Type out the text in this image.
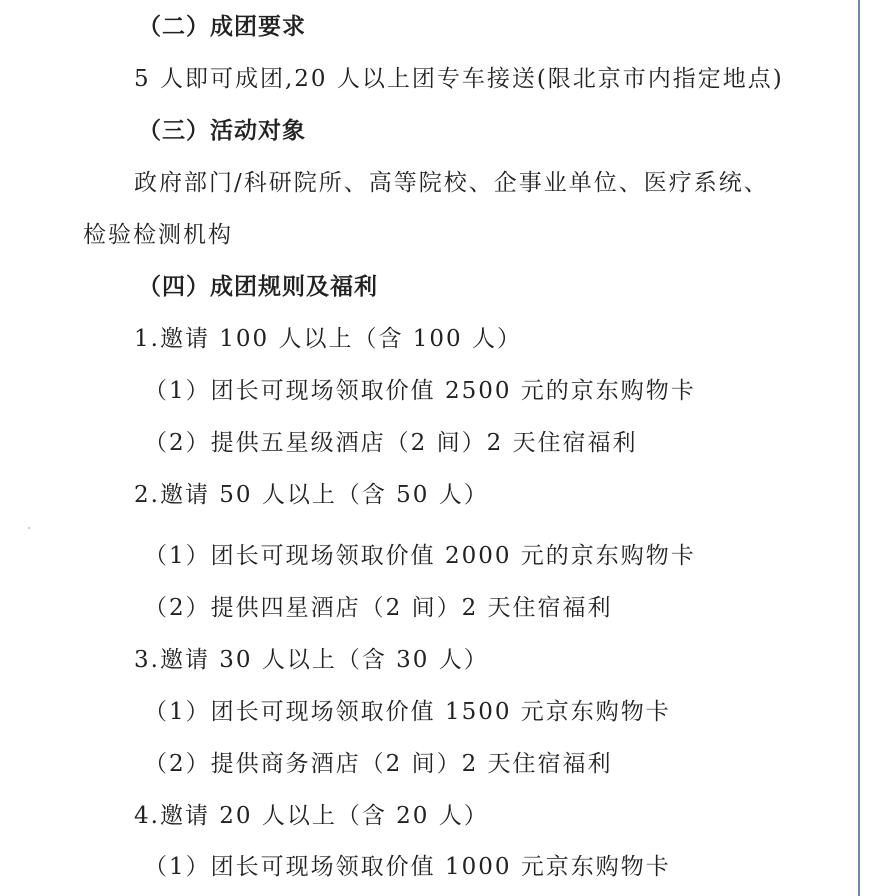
（二）成团要求
5 人即可成团,20 人以上团专车接送(限北京市内指定地点)
（三）活动对象
政府部门/科研院所、高等院校、企事业单位、医疗系统、
检验检测机构
（四）成团规则及福利
1.邀请 100 人以上（含 100 人）
（1）团长可现场领取价值 2500 元的京东购物卡
（2）提供五星级酒店（2 间）2 天住宿福利
2.邀请 50 人以上（含 50 人）
（1）团长可现场领取价值 2000 元的京东购物卡
（2）提供四星酒店（2 间）2 天住宿福利
3.邀请 30 人以上（含 30 人）
（1）团长可现场领取价值 1500 元京东购物卡
（2）提供商务酒店（2 间）2 天住宿福利
4.邀请 20 人以上（含 20 人）
（1）团长可现场领取价值 1000 元京东购物卡
